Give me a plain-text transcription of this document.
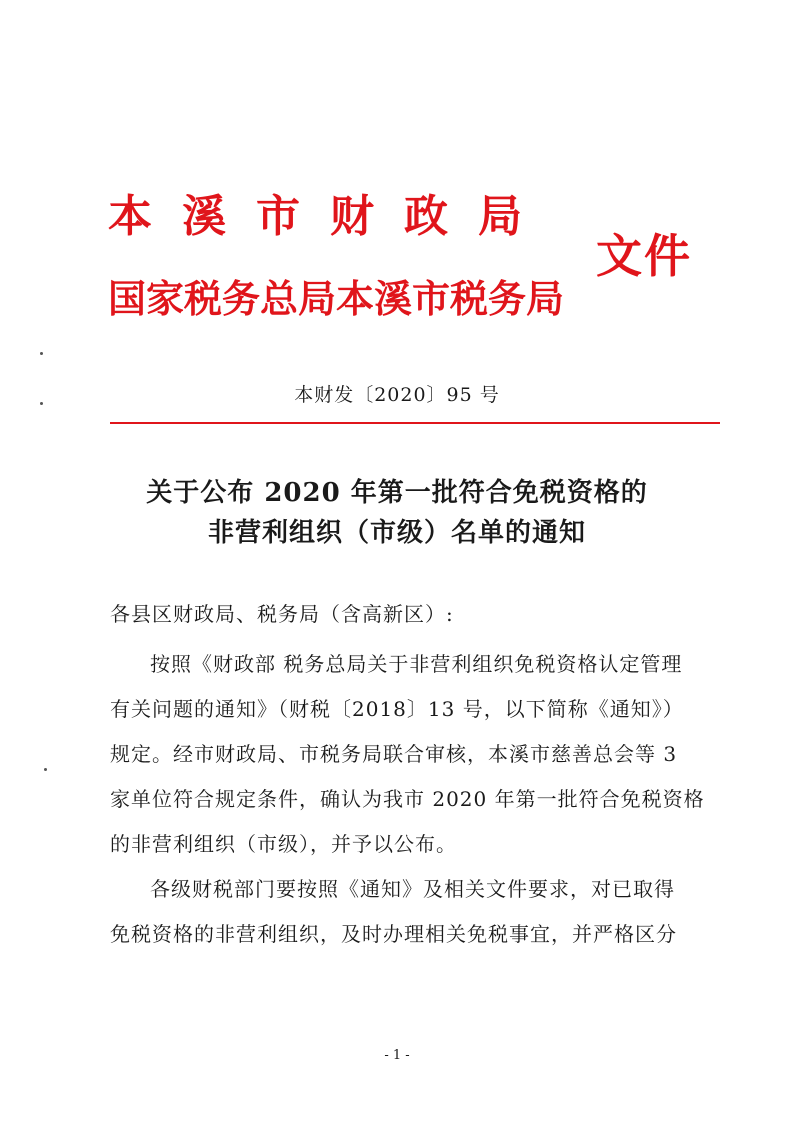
本溪市财政局
国家税务总局本溪市税务局
文件
本财发〔2020〕95 号
关于公布 2020 年第一批符合免税资格的
非营利组织（市级）名单的通知
各县区财政局、税务局（含高新区）:
按照《财政部 税务总局关于非营利组织免税资格认定管理
有关问题的通知》（财税〔2018〕13 号，以下简称《通知》）
规定。经市财政局、市税务局联合审核，本溪市慈善总会等 3
家单位符合规定条件，确认为我市 2020 年第一批符合免税资格
的非营利组织（市级），并予以公布。
各级财税部门要按照《通知》及相关文件要求，对已取得
免税资格的非营利组织，及时办理相关免税事宜，并严格区分
- 1 -
